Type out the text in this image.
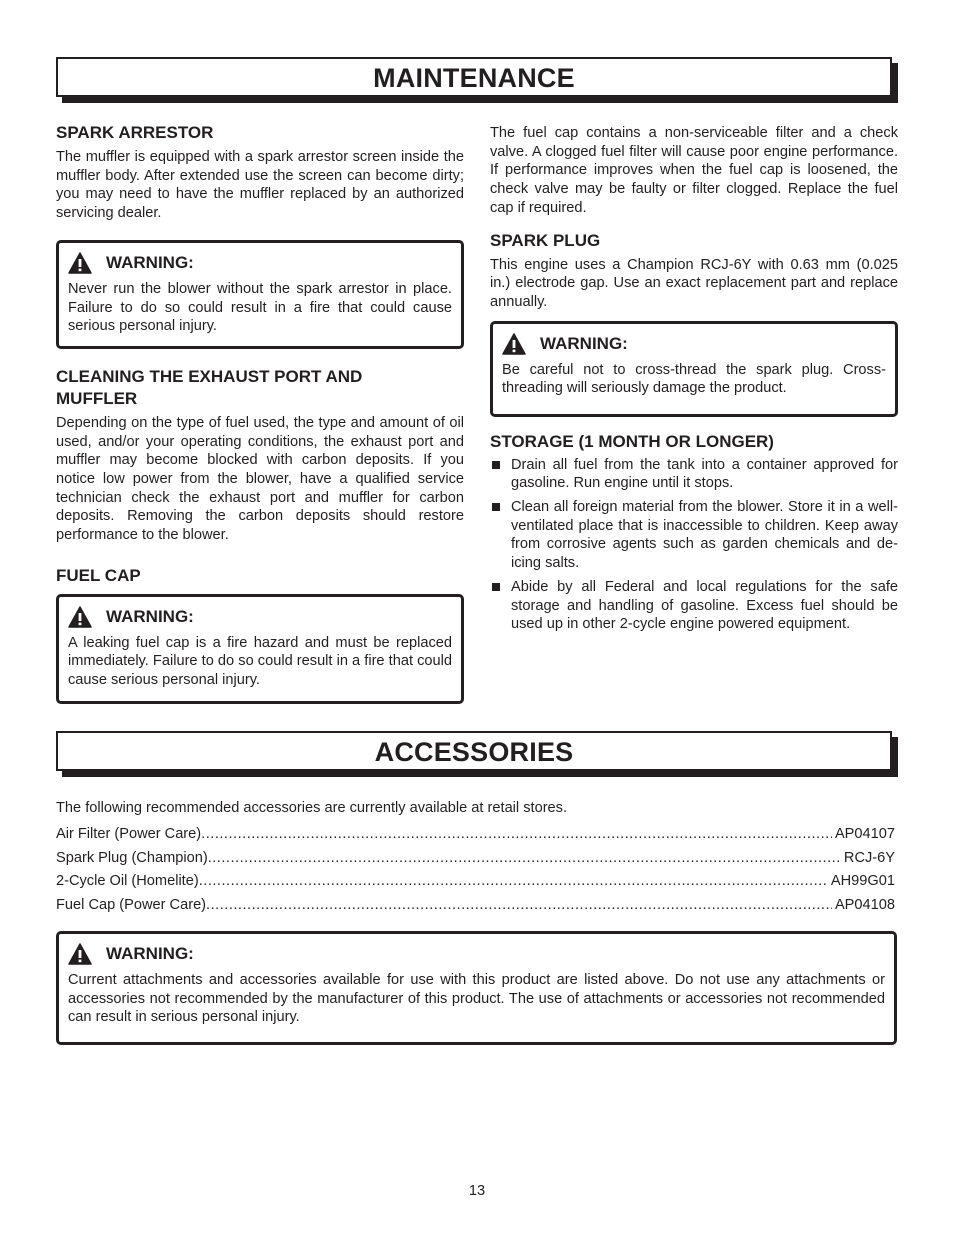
MAINTENANCE

SPARK ARRESTOR

The muffler is equipped with a spark arrestor screen inside the muffler body. After extended use the screen can become dirty; you may need to have the muffler replaced by an authorized servicing dealer.

WARNING:

Never run the blower without the spark arrestor in place. Failure to do so could result in a fire that could cause serious personal injury.

CLEANING THE EXHAUST PORT AND MUFFLER

Depending on the type of fuel used, the type and amount of oil used, and/or your operating conditions, the exhaust port and muffler may become blocked with carbon deposits. If you notice low power from the blower, have a qualified service technician check the exhaust port and muffler for carbon deposits. Removing the carbon deposits should restore performance to the blower.

FUEL CAP

WARNING:

A leaking fuel cap is a fire hazard and must be replaced immediately. Failure to do so could result in a fire that could cause serious personal injury.

The fuel cap contains a non-serviceable filter and a check valve. A clogged fuel filter will cause poor engine performance. If performance improves when the fuel cap is loosened, the check valve may be faulty or filter clogged. Replace the fuel cap if required.

SPARK PLUG

This engine uses a Champion RCJ-6Y with 0.63 mm (0.025 in.) electrode gap. Use an exact replacement part and replace annually.

WARNING:

Be careful not to cross-thread the spark plug. Cross-threading will seriously damage the product.

STORAGE (1 MONTH OR LONGER)

Drain all fuel from the tank into a container approved for gasoline. Run engine until it stops.
Clean all foreign material from the blower. Store it in a well-ventilated place that is inaccessible to children. Keep away from corrosive agents such as garden chemicals and de-icing salts.
Abide by all Federal and local regulations for the safe storage and handling of gasoline. Excess fuel should be used up in other 2-cycle engine powered equipment.
ACCESSORIES

The following recommended accessories are currently available at retail stores.

Air Filter (Power Care) .....	AP04107
Spark Plug (Champion) .....	RCJ-6Y
2-Cycle Oil (Homelite) .....	AH99G01
Fuel Cap (Power Care) .....	AP04108
WARNING:

Current attachments and accessories available for use with this product are listed above. Do not use any attachments or accessories not recommended by the manufacturer of this product. The use of attachments or accessories not recommended can result in serious personal injury.

13
